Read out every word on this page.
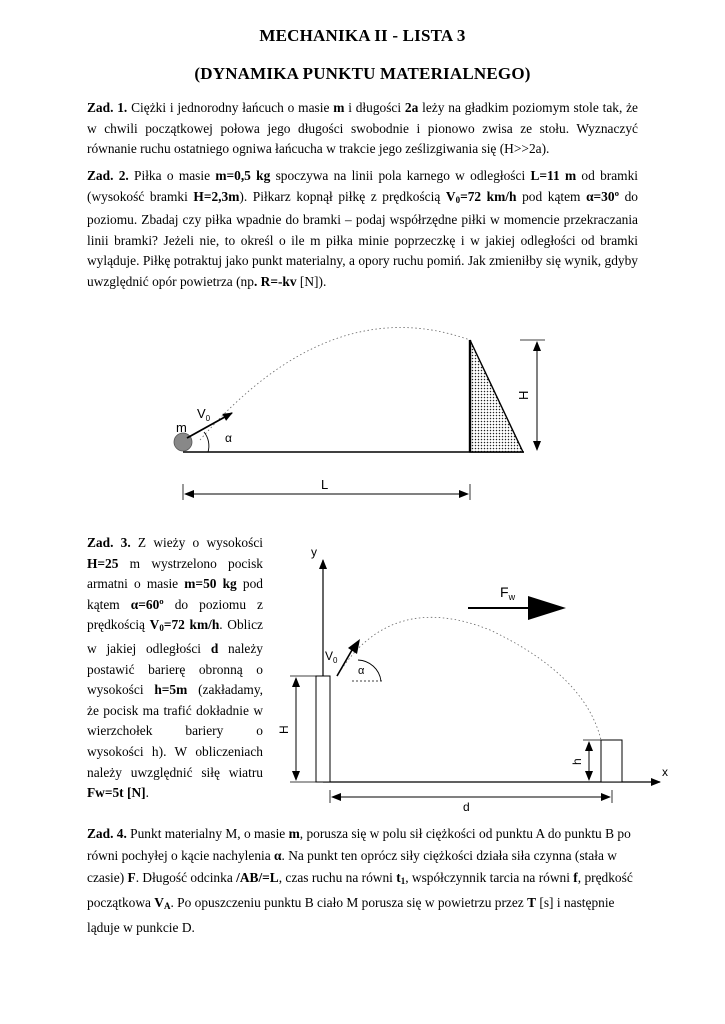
MECHANIKA II - LISTA 3
(DYNAMIKA PUNKTU MATERIALNEGO)
Zad. 1. Ciężki i jednorodny łańcuch o masie m i długości 2a leży na gładkim poziomym stole tak, że w chwili początkowej połowa jego długości swobodnie i pionowo zwisa ze stołu. Wyznaczyć równanie ruchu ostatniego ogniwa łańcucha w trakcie jego ześlizgiwania się (H>>2a).
Zad. 2. Piłka o masie m=0,5 kg spoczywa na linii pola karnego w odległości L=11 m od bramki (wysokość bramki H=2,3m). Piłkarz kopnął piłkę z prędkością $V_0=72$ km/h pod kątem α=30º do poziomu. Zbadaj czy piłka wpadnie do bramki – podaj współrzędne piłki w momencie przekraczania linii bramki? Jeżeli nie, to określ o ile m piłka minie poprzeczkę i w jakiej odległości od bramki wyląduje. Piłkę potraktuj jako punkt materialny, a opory ruchu pomiń. Jak zmieniłby się wynik, gdyby uwzględnić opór powietrza (np. R=-kv [N]).
$V_0$
m
α
H
L
Zad. 3. Z wieży o wysokości H=25 m wystrzelono pocisk armatni o masie m=50 kg pod kątem α=60º do poziomu z prędkością $V_0=72$ km/h. Oblicz w jakiej odległości d należy postawić barierę obronną o wysokości h=5m (zakładamy, że pocisk ma trafić dokładnie w wierzchołek bariery o wysokości h). W obliczeniach należy uwzględnić siłę wiatru Fw=5t [N].
y
x
$F_w$
$V_0$
α
H
h
d
Zad. 4. Punkt materialny M, o masie m, porusza się w polu sił ciężkości od punktu A do punktu B po równi pochyłej o kącie nachylenia α. Na punkt ten oprócz siły ciężkości działa siła czynna (stała w czasie) F. Długość odcinka /AB/=L, czas ruchu na równi $t_1$, współczynnik tarcia na równi f, prędkość początkowa $V_A$. Po opuszczeniu punktu B ciało M porusza się w powietrzu przez T [s] i następnie ląduje w punkcie D.
